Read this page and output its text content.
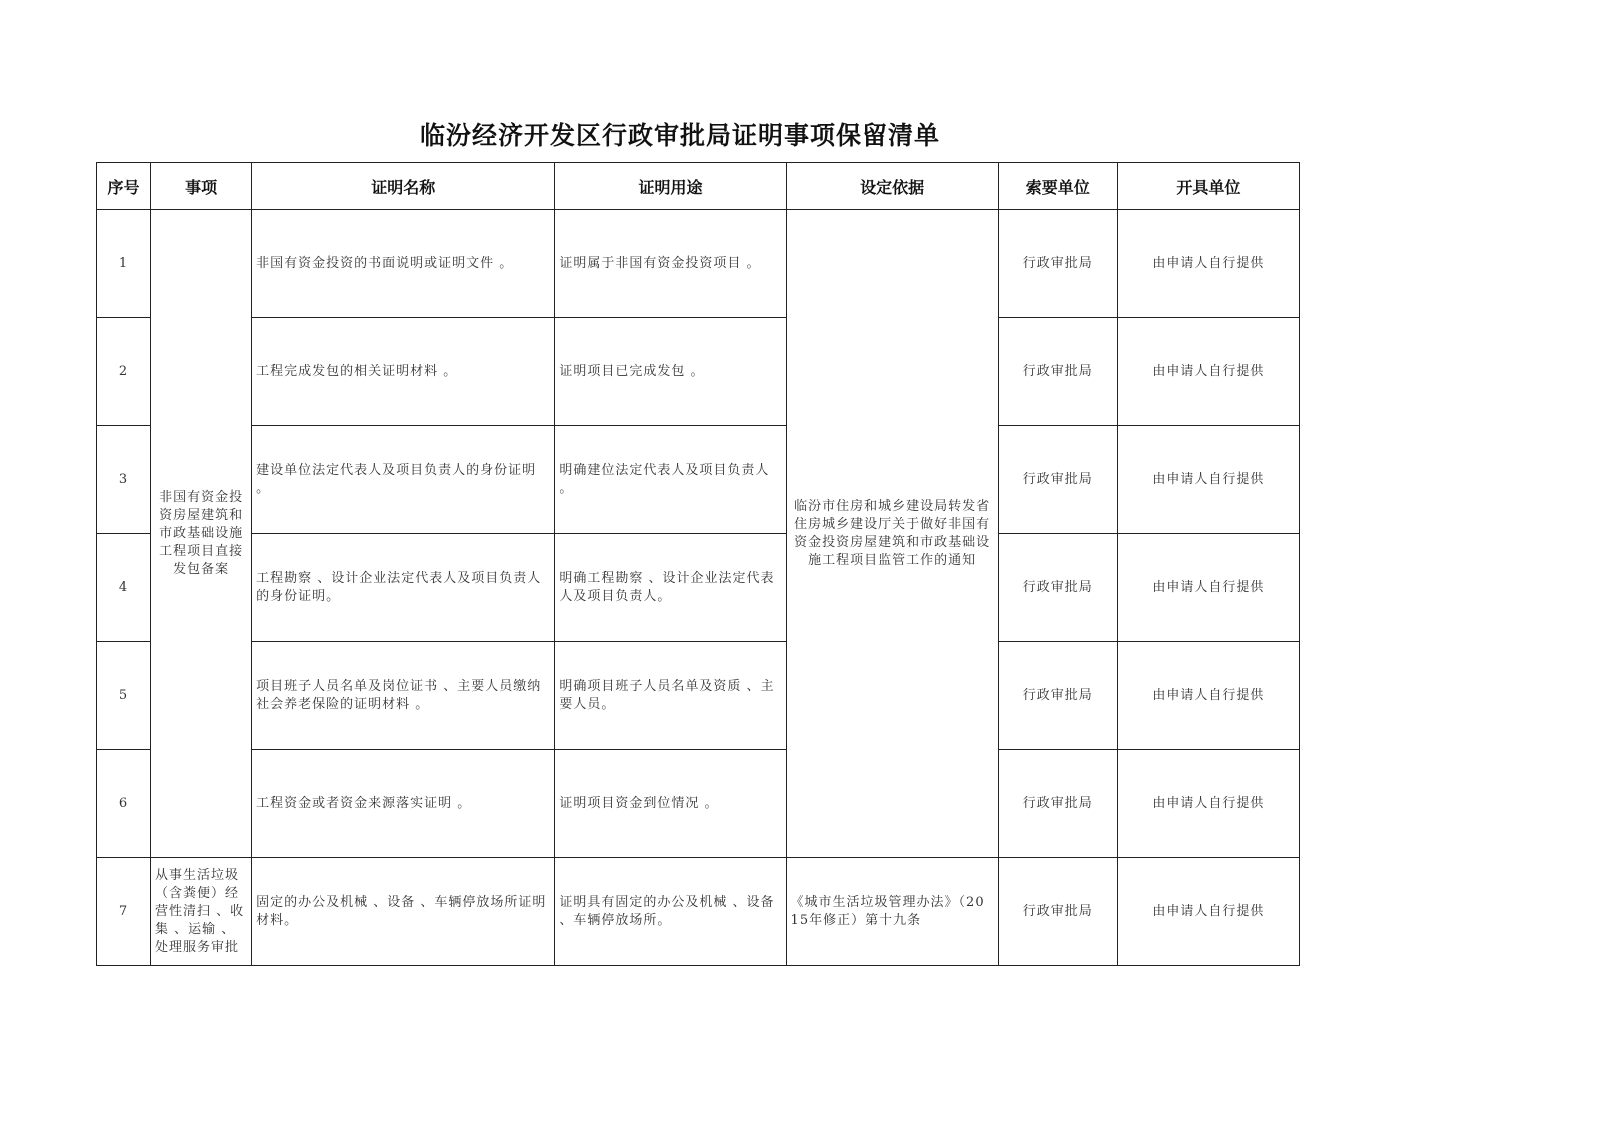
临汾经济开发区行政审批局证明事项保留清单
序号	事项	证明名称	证明用途	设定依据	索要单位	开具单位
1	非国有资金投资房屋建筑和市政基础设施工程项目直接发包备案	非国有资金投资的书面说明或证明文件 。	证明属于非国有资金投资项目 。	临汾市住房和城乡建设局转发省住房城乡建设厅关于做好非国有资金投资房屋建筑和市政基础设施工程项目监管工作的通知	行政审批局	由申请人自行提供
2		工程完成发包的相关证明材料 。	证明项目已完成发包 。		行政审批局	由申请人自行提供
3		建设单位法定代表人及项目负责人的身份证明 。	明确建位法定代表人及项目负责人 。		行政审批局	由申请人自行提供
4		工程勘察 、设计企业法定代表人及项目负责人的身份证明。	明确工程勘察 、设计企业法定代表人及项目负责人。		行政审批局	由申请人自行提供
5		项目班子人员名单及岗位证书 、主要人员缴纳社会养老保险的证明材料 。	明确项目班子人员名单及资质 、主要人员。		行政审批局	由申请人自行提供
6		工程资金或者资金来源落实证明 。	证明项目资金到位情况 。		行政审批局	由申请人自行提供
7	从事生活垃圾（含粪便）经营性清扫 、收集 、运输 、处理服务审批	固定的办公及机械 、设备 、车辆停放场所证明材料。	证明具有固定的办公及机械 、设备 、车辆停放场所。	《城市生活垃圾管理办法》（2015年修正）第十九条	行政审批局	由申请人自行提供
